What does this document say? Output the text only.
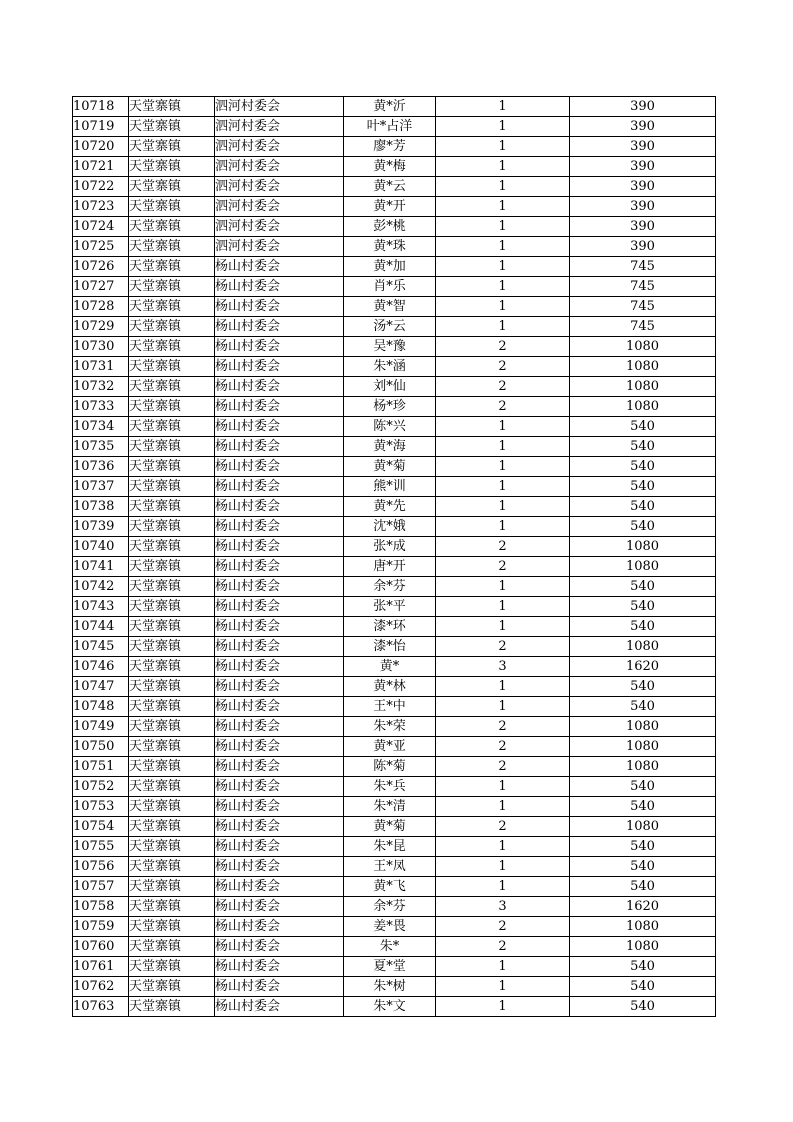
10718	天堂寨镇	泗河村委会	黄*沂	1	390
10719	天堂寨镇	泗河村委会	叶*占洋	1	390
10720	天堂寨镇	泗河村委会	廖*芳	1	390
10721	天堂寨镇	泗河村委会	黄*梅	1	390
10722	天堂寨镇	泗河村委会	黄*云	1	390
10723	天堂寨镇	泗河村委会	黄*开	1	390
10724	天堂寨镇	泗河村委会	彭*桃	1	390
10725	天堂寨镇	泗河村委会	黄*珠	1	390
10726	天堂寨镇	杨山村委会	黄*加	1	745
10727	天堂寨镇	杨山村委会	肖*乐	1	745
10728	天堂寨镇	杨山村委会	黄*智	1	745
10729	天堂寨镇	杨山村委会	汤*云	1	745
10730	天堂寨镇	杨山村委会	吴*豫	2	1080
10731	天堂寨镇	杨山村委会	朱*涵	2	1080
10732	天堂寨镇	杨山村委会	刘*仙	2	1080
10733	天堂寨镇	杨山村委会	杨*珍	2	1080
10734	天堂寨镇	杨山村委会	陈*兴	1	540
10735	天堂寨镇	杨山村委会	黄*海	1	540
10736	天堂寨镇	杨山村委会	黄*菊	1	540
10737	天堂寨镇	杨山村委会	熊*训	1	540
10738	天堂寨镇	杨山村委会	黄*先	1	540
10739	天堂寨镇	杨山村委会	沈*娥	1	540
10740	天堂寨镇	杨山村委会	张*成	2	1080
10741	天堂寨镇	杨山村委会	唐*开	2	1080
10742	天堂寨镇	杨山村委会	余*芬	1	540
10743	天堂寨镇	杨山村委会	张*平	1	540
10744	天堂寨镇	杨山村委会	漆*环	1	540
10745	天堂寨镇	杨山村委会	漆*怡	2	1080
10746	天堂寨镇	杨山村委会	黄*	3	1620
10747	天堂寨镇	杨山村委会	黄*林	1	540
10748	天堂寨镇	杨山村委会	王*中	1	540
10749	天堂寨镇	杨山村委会	朱*荣	2	1080
10750	天堂寨镇	杨山村委会	黄*亚	2	1080
10751	天堂寨镇	杨山村委会	陈*菊	2	1080
10752	天堂寨镇	杨山村委会	朱*兵	1	540
10753	天堂寨镇	杨山村委会	朱*清	1	540
10754	天堂寨镇	杨山村委会	黄*菊	2	1080
10755	天堂寨镇	杨山村委会	朱*昆	1	540
10756	天堂寨镇	杨山村委会	王*凤	1	540
10757	天堂寨镇	杨山村委会	黄*飞	1	540
10758	天堂寨镇	杨山村委会	余*芬	3	1620
10759	天堂寨镇	杨山村委会	姜*畏	2	1080
10760	天堂寨镇	杨山村委会	朱*	2	1080
10761	天堂寨镇	杨山村委会	夏*堂	1	540
10762	天堂寨镇	杨山村委会	朱*树	1	540
10763	天堂寨镇	杨山村委会	朱*文	1	540
